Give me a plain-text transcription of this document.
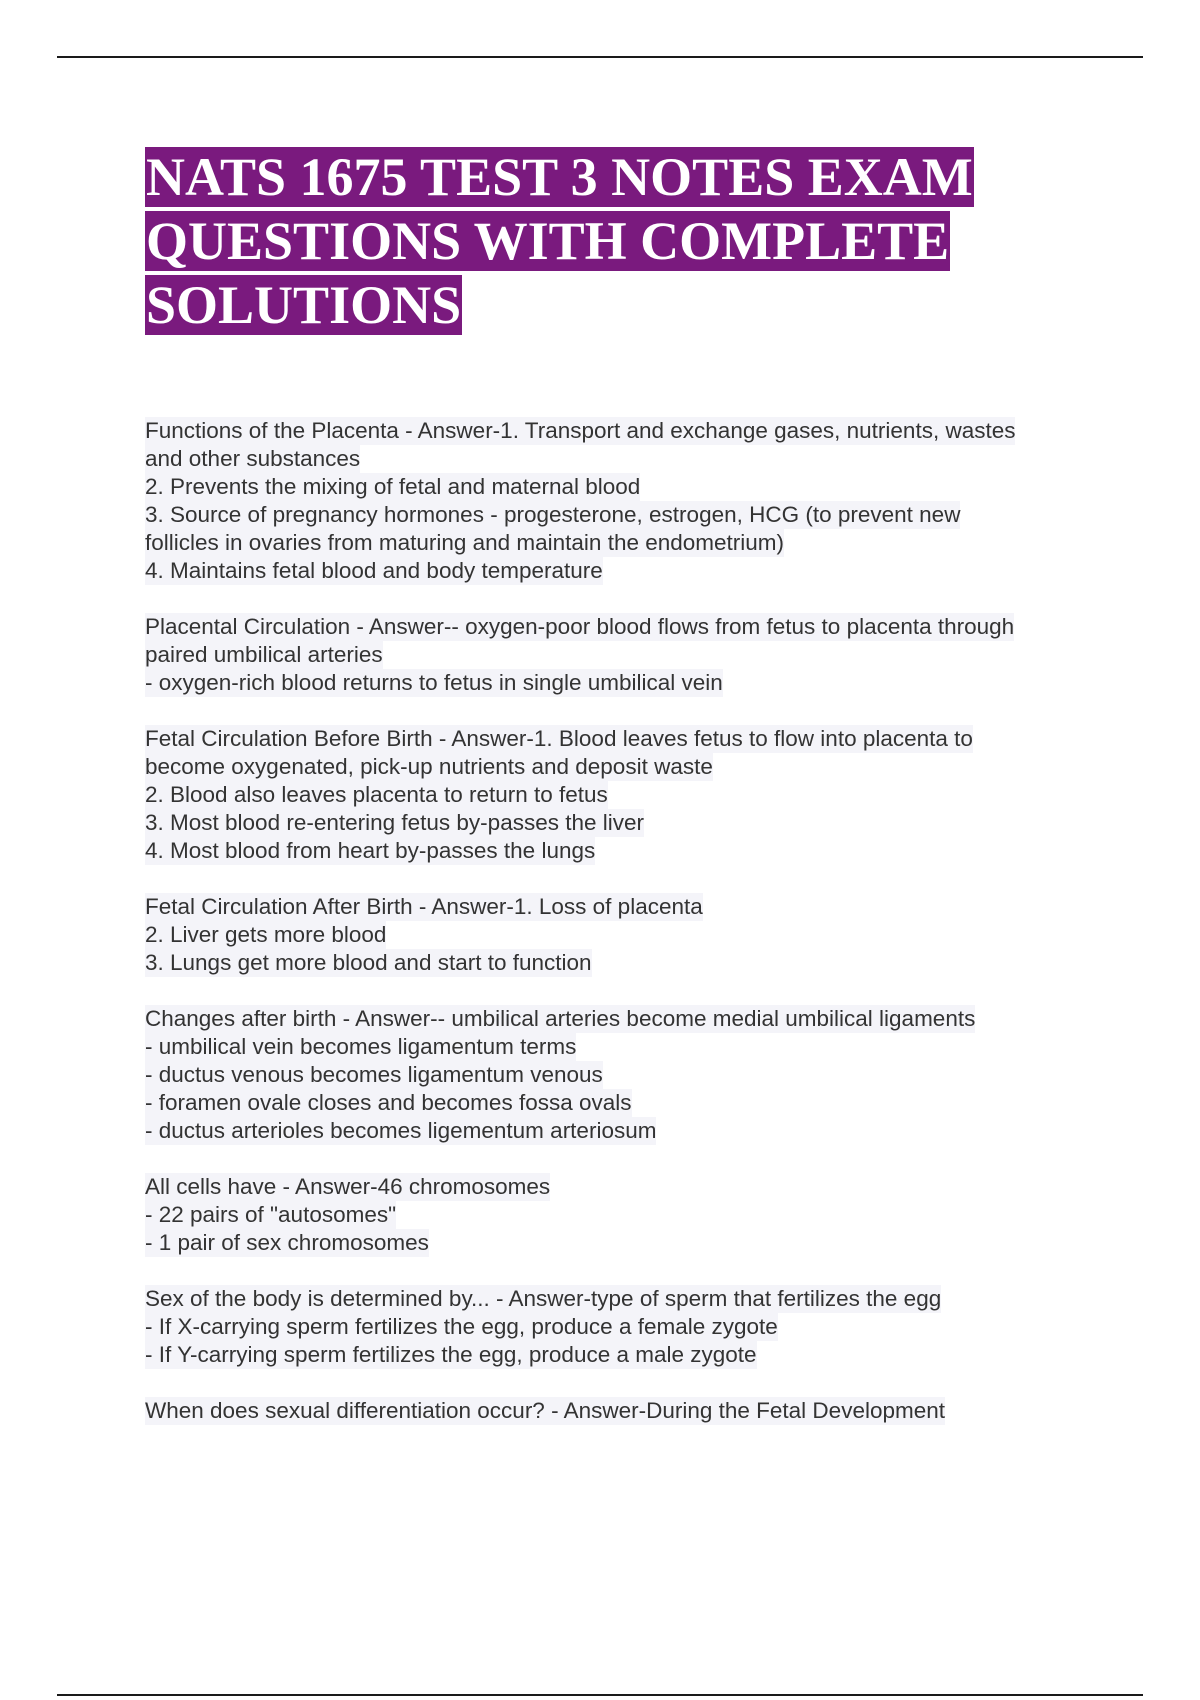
NATS 1675 TEST 3 NOTES EXAM QUESTIONS WITH COMPLETE SOLUTIONS
Functions of the Placenta - Answer-1. Transport and exchange gases, nutrients, wastes
and other substances
2. Prevents the mixing of fetal and maternal blood
3. Source of pregnancy hormones - progesterone, estrogen, HCG (to prevent new
follicles in ovaries from maturing and maintain the endometrium)
4. Maintains fetal blood and body temperature
Placental Circulation - Answer-- oxygen-poor blood flows from fetus to placenta through
paired umbilical arteries
- oxygen-rich blood returns to fetus in single umbilical vein
Fetal Circulation Before Birth - Answer-1. Blood leaves fetus to flow into placenta to
become oxygenated, pick-up nutrients and deposit waste
2. Blood also leaves placenta to return to fetus
3. Most blood re-entering fetus by-passes the liver
4. Most blood from heart by-passes the lungs
Fetal Circulation After Birth - Answer-1. Loss of placenta
2. Liver gets more blood
3. Lungs get more blood and start to function
Changes after birth - Answer-- umbilical arteries become medial umbilical ligaments
- umbilical vein becomes ligamentum terms
- ductus venous becomes ligamentum venous
- foramen ovale closes and becomes fossa ovals
- ductus arterioles becomes ligementum arteriosum
All cells have - Answer-46 chromosomes
- 22 pairs of "autosomes"
- 1 pair of sex chromosomes
Sex of the body is determined by... - Answer-type of sperm that fertilizes the egg
- If X-carrying sperm fertilizes the egg, produce a female zygote
- If Y-carrying sperm fertilizes the egg, produce a male zygote
When does sexual differentiation occur? - Answer-During the Fetal Development
